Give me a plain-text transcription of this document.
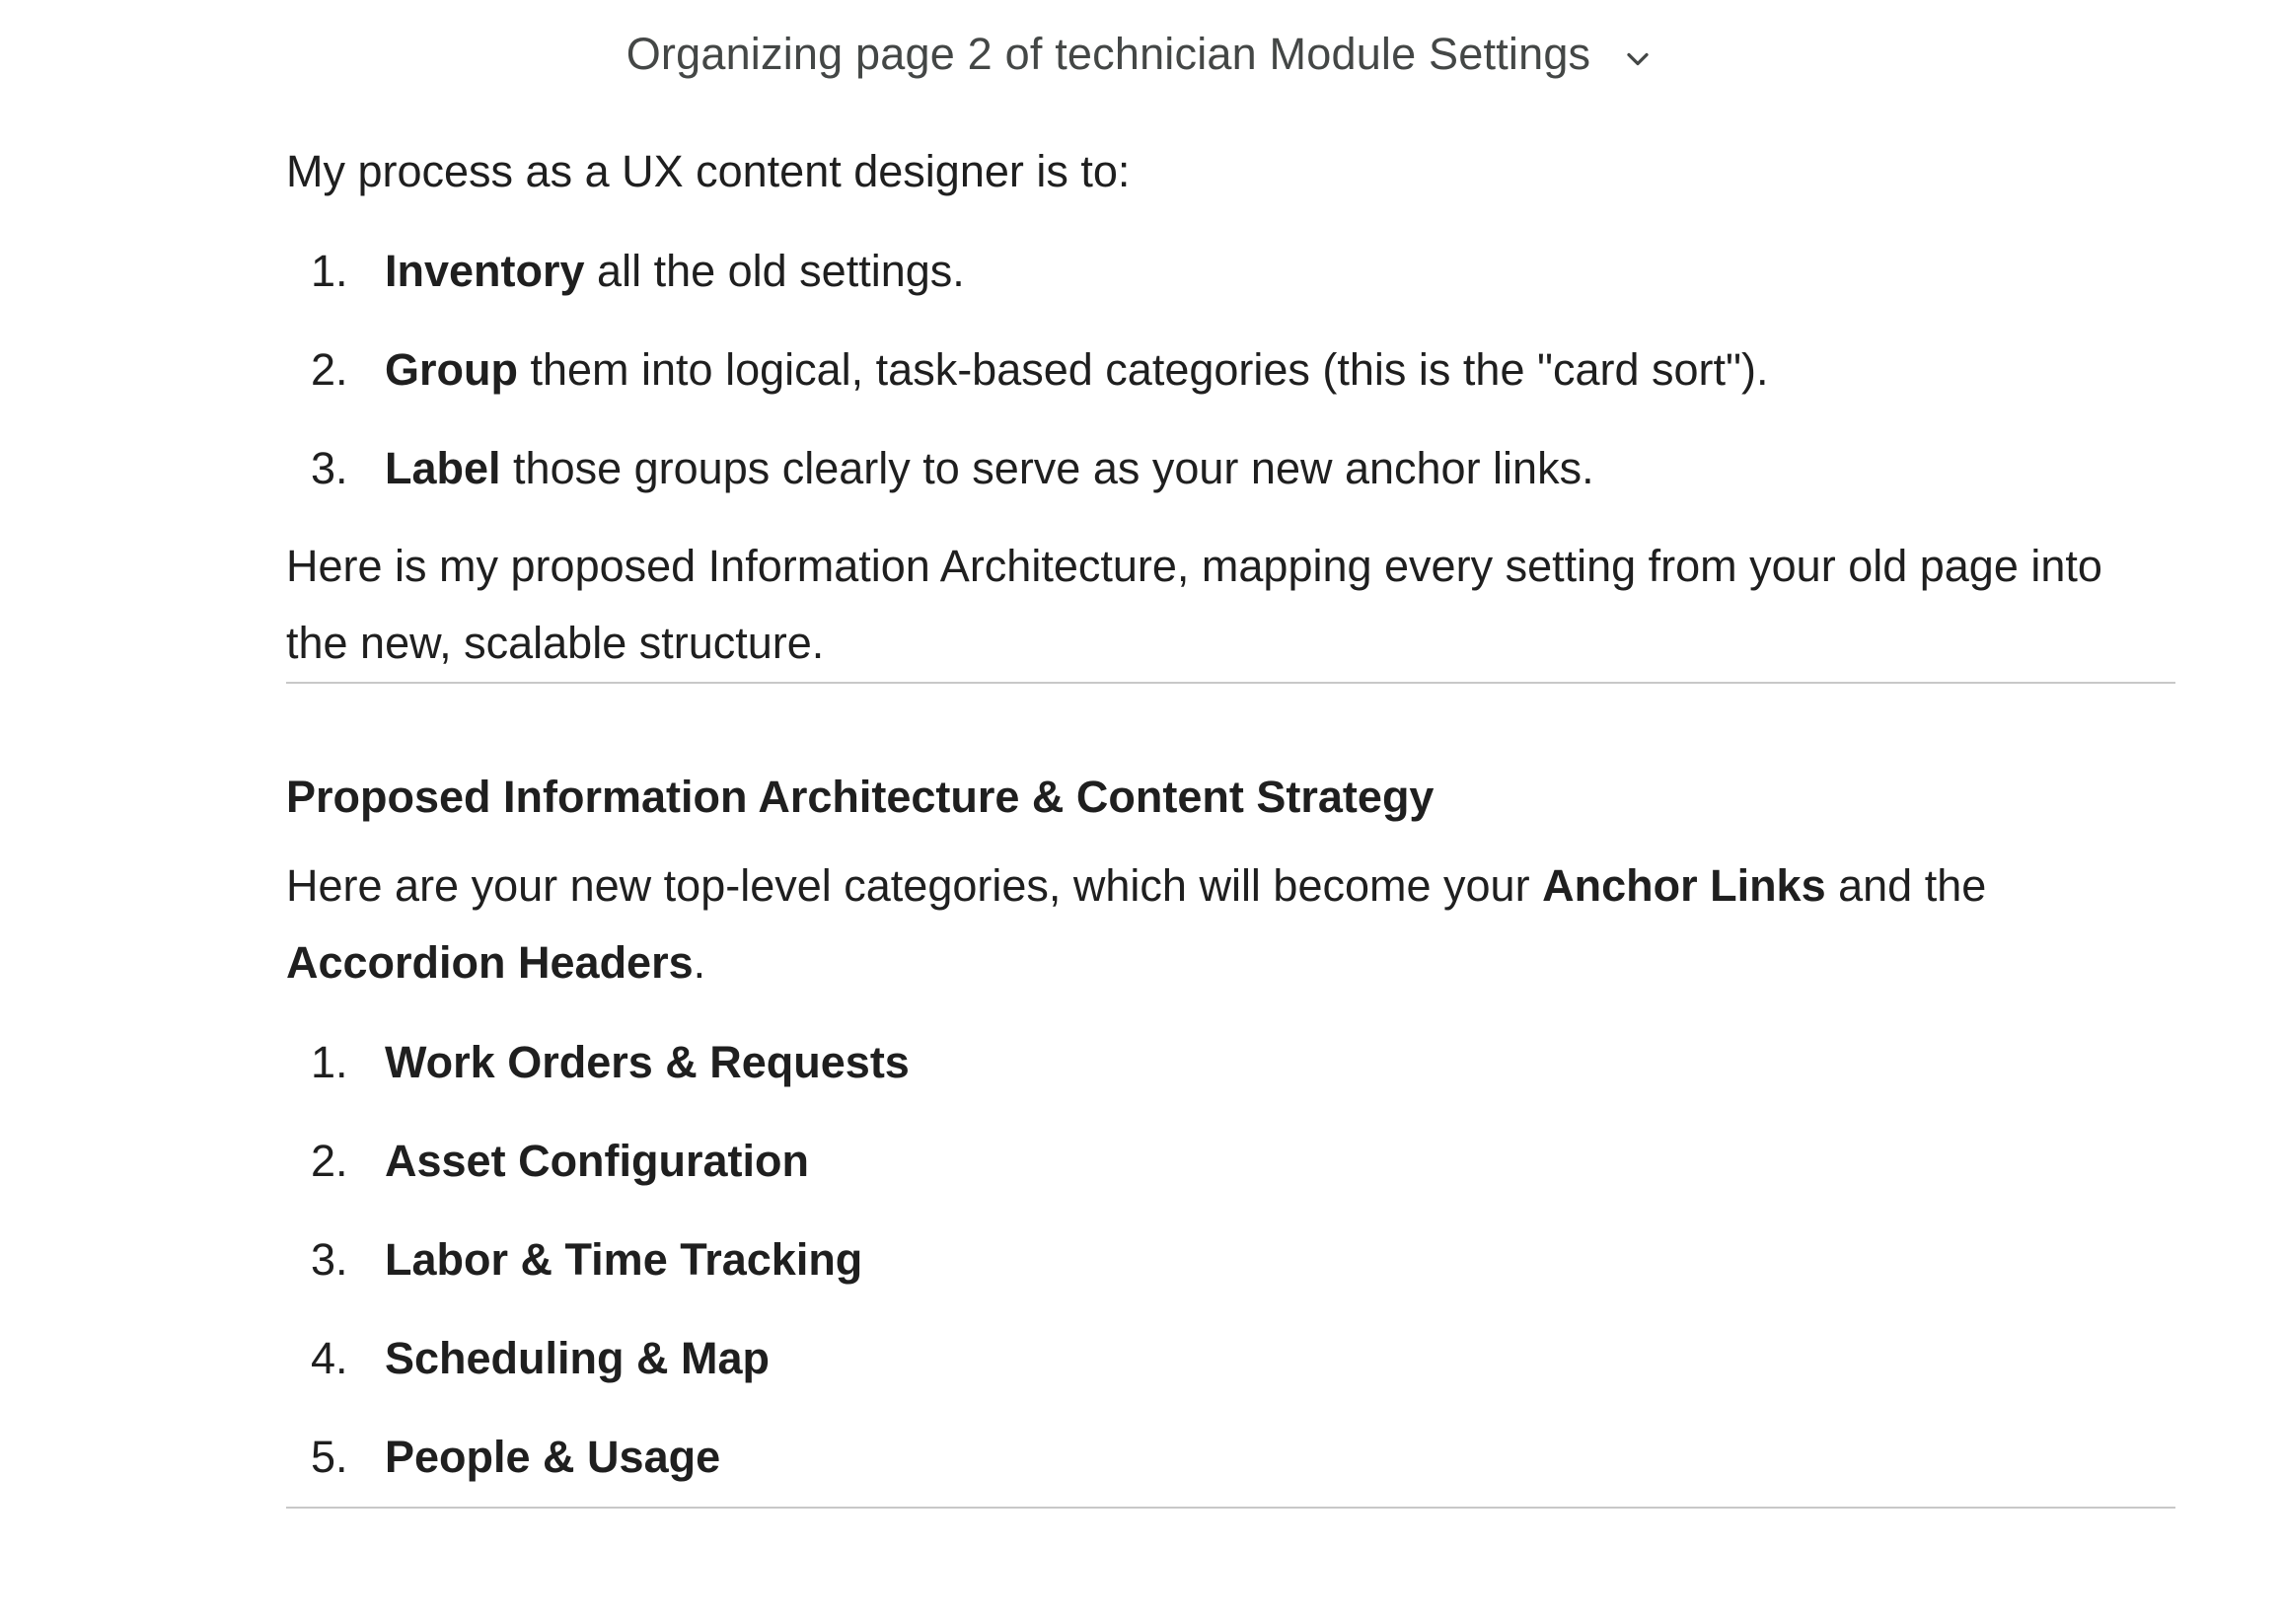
Organizing page 2 of technician Module Settings

My process as a UX content designer is to:

1. Inventory all the old settings.
2. Group them into logical, task-based categories (this is the "card sort").
3. Label those groups clearly to serve as your new anchor links.

Here is my proposed Information Architecture, mapping every setting from your old page into the new, scalable structure.

Proposed Information Architecture & Content Strategy

Here are your new top-level categories, which will become your Anchor Links and the Accordion Headers.

1. Work Orders & Requests
2. Asset Configuration
3. Labor & Time Tracking
4. Scheduling & Map
5. People & Usage
